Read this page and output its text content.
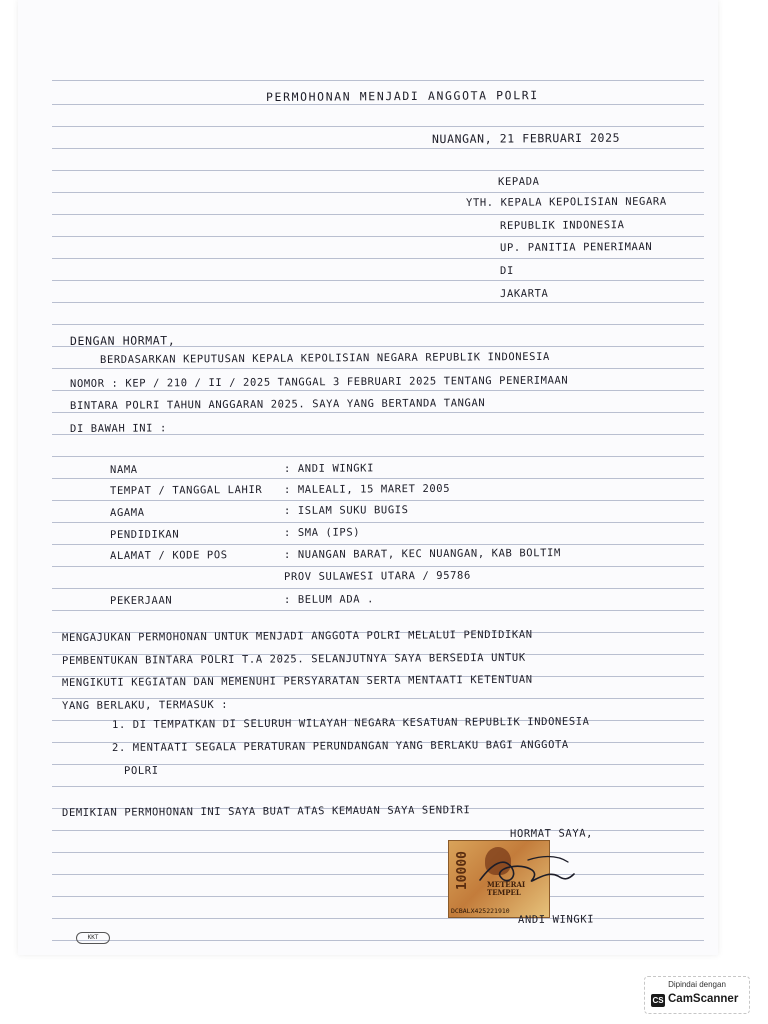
PERMOHONAN MENJADI ANGGOTA POLRI
NUANGAN, 21 FEBRUARI 2025
KEPADA
YTH. KEPALA KEPOLISIAN NEGARA
REPUBLIK INDONESIA
UP. PANITIA PENERIMAAN
DI
JAKARTA
DENGAN HORMAT,
BERDASARKAN KEPUTUSAN KEPALA KEPOLISIAN NEGARA REPUBLIK INDONESIA
NOMOR : KEP / 210 / II / 2025 TANGGAL 3 FEBRUARI 2025 TENTANG PENERIMAAN
BINTARA POLRI TAHUN ANGGARAN 2025. SAYA YANG BERTANDA TANGAN
DI BAWAH INI :
NAMA	: ANDI WINGKI
TEMPAT / TANGGAL LAHIR : MALEALI, 15 MARET 2005
AGAMA	: ISLAM SUKU BUGIS
PENDIDIKAN	: SMA (IPS)
ALAMAT / KODE POS	: NUANGAN BARAT, KEC NUANGAN, KAB BOLTIM
PROV SULAWESI UTARA / 95786
PEKERJAAN	: BELUM ADA .
MENGAJUKAN PERMOHONAN UNTUK MENJADI ANGGOTA POLRI MELALUI PENDIDIKAN
PEMBENTUKAN BINTARA POLRI T.A 2025. SELANJUTNYA SAYA BERSEDIA UNTUK
MENGIKUTI KEGIATAN DAN MEMENUHI PERSYARATAN SERTA MENTAATI KETENTUAN
YANG BERLAKU, TERMASUK :
1. DI TEMPATKAN DI SELURUH WILAYAH NEGARA KESATUAN REPUBLIK INDONESIA
2. MENTAATI SEGALA PERATURAN PERUNDANGAN YANG BERLAKU BAGI ANGGOTA
POLRI
DEMIKIAN PERMOHONAN INI SAYA BUAT ATAS KEMAUAN SAYA SENDIRI
HORMAT SAYA,
10000 METERAI
TEMPEL
DCBALX425221910
ANDI WINGKI
KKT
Dipindai dengan
CS CamScanner
